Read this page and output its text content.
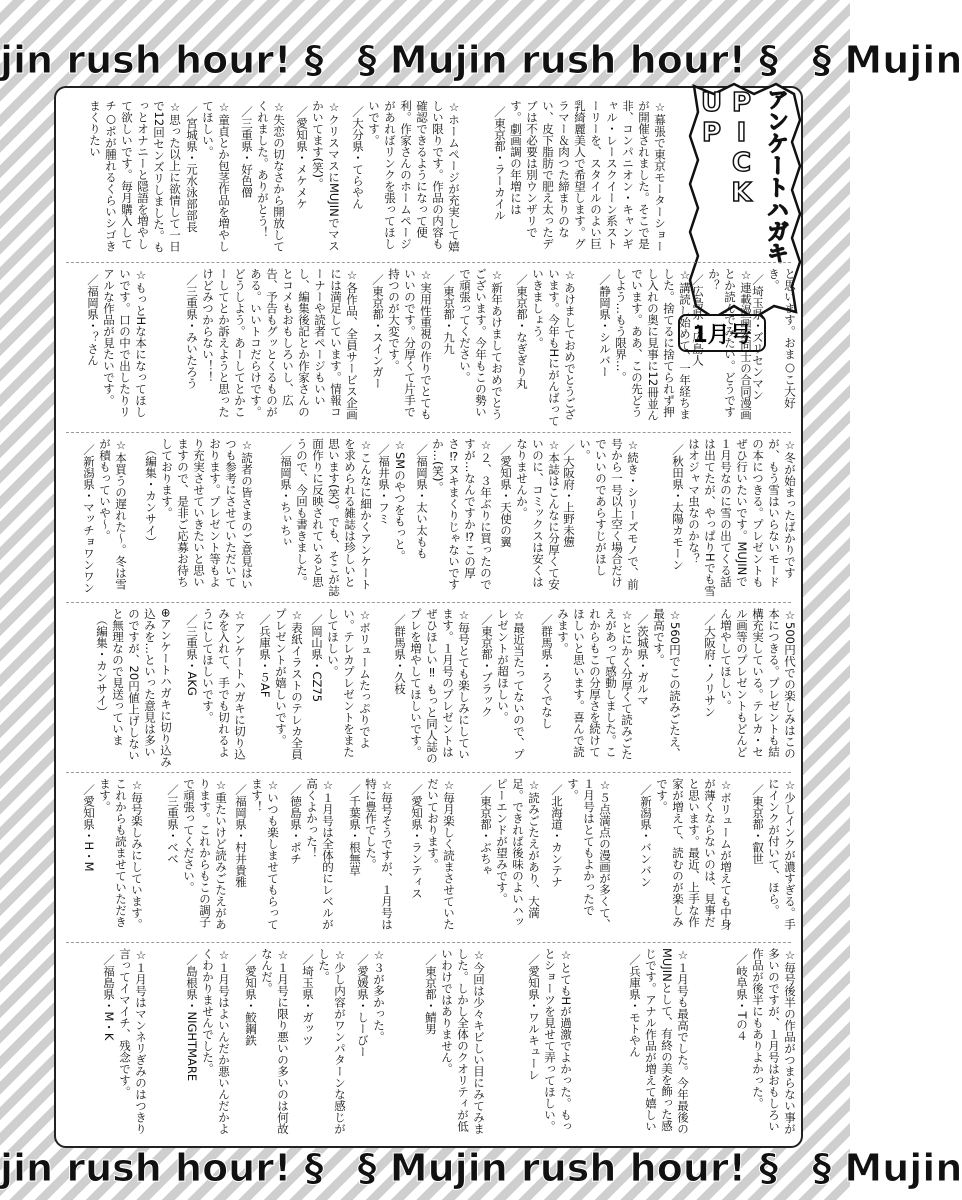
jin rush hour! § § Mujin rush hour! § § Mujin
アンケートハガキ
PICK UP
1月号
☆幕張で東京モーターショーが開催されました。そこで是非、コンパニオン・キャンギャル・レースクイーン系ストーリーを、スタイルのよい巨乳綺麗美人で希望します。グラマー＆肉つた締まりのない、皮下脂肪で肥え太ったデブは不必要は別ウンザリです。劇画調の年増には
／東京都・ラーカイル
☆ホームページが充実して嬉しい限りです。作品の内容も確認できるようになって便利。作家さんのホームページがあればリンクを張ってほしいです。
／大分県・てらやん
☆クリスマスにMUJINでマスかいてます(笑)。
／愛知県・メケメケ
☆失恋の切なさから開放してくれました。ありがとう！
／三重県・好色僧
☆童貞とか包茎作品を増やしてほしい。
／宮城県・元水泳部部長
☆思った以上に欲情して一日で12回センズリしました。もっとオナニーと隠語を増やして欲しいです。毎月購入してチ○ポが腫れるくらいシゴきまくりたい
と思います。おま○こ大好き。
／埼玉県・ズリセンマン
☆連載漫画家同士の合同漫画とか読んでみたい。どうですか？
／広島県・広島人
☆講読し始めて、一年経ちました。捨てるに捨てられず押し入れの奥に見事に12冊並んでいます。ああ、この先どうしよう…もう限界…。
／静岡県・シルバー
☆あけましておめでとうございます。今年もHにがんばっていきましょう。
／東京都・なぎぎり丸
☆新年あけましておめでとうございます。今年もこの勢いで頑張ってください。
／東京都・九九
☆実用性重視の作りでとてもいいのです。分厚くて片手で持つのが大変です。
／東京都・スインガー
☆各作品、全員サービス企画には満足しています。情報コーナーや読者ページもいいし、編集後記とか作家さんのとコメもおもしろいし、広告、予告もグッとくるものがある。いいトコだらけです。どうしよう。あーしてとかこーしてとか訴えようと思ったけどみつからない！！
／三重県・みいたろう
☆もっとHな本になってほしいです。口の中で出したりリアルな作品が見たいです。
／福岡県・？さん
☆冬が始まったばかりですが、もう雪はいらないモードの本につきる。プレゼントもぜひ行いたいです。MUJINで１月号なのに雪の出てくる話は出てたが、やっぱりHでも雪はオジャマ虫なのかな？
／秋田県・太陽カモーン
☆続き・シリーズモノで、前号から一号以上空く場合だけでいいのであらすじがほしい。
／大阪府・上野未憊
☆本誌はこんなに分厚くて安いのに、コミックスは安くはなりませんか。
／愛知県・天使の翼
☆２、３年ぶりに買ったのですが…なんですか⁉この厚さ⁉ヌキまくりじゃないですか…(笑)。
／福岡県・太い太もも
☆SMのやつをもっと。
／福井県・フミ
☆こんなに細かくアンケートを求められる雑誌は珍しいと思います(笑)。でも、そこが誌面作りに反映されていると思うので、今回も書きました。
／福岡県・ちぃちぃ
☆読者の皆さまのご意見はいつも参考にさせていただいております。プレゼント等もより充実させていきたいと思いますので、是非ご応募お待ちしております。
（編集・カンサイ）
☆本買うの遅れた〜。冬は雪が積もっていや〜。
／新潟県・マッチョワンワン
☆500円代での楽しみはこの本につきる。プレゼントも結構充実している。テレカ・セル画等のプレゼントもどんどん増やしてほしい。
／大阪府・ノリサン
☆560円でこの読みごたえ、最高です。
／茨城県・ガルマ
☆とにかく分厚くて読みごたえがあって感動しました。これからもこの分厚さを続けてほしいと思います。喜んで読みます。
／群馬県・ろくでなし
☆最近当たってないので、プレゼントが超ほしい。
／東京都・ブラック
☆毎号とても楽しみにしています。１月号のプレゼントはぜひほしい‼ もっと同人誌のプレを増やしてほしいです。
／群馬県・久枝
☆ボリュームたっぷりでよい。テレカプレゼントをまたしてほしい。
／岡山県・CZ75
☆表紙イラストのテレカ全員プレゼントが嬉しいです。
／兵庫県・５AF
☆アンケートハガキに切り込みを入れて、手でも切れるようにしてほしいです。
／三重県・AKG
⊕アンケートハガキに切り込み込みを…といった意見は多いのですが、20円値上げしないと無理なので見送っていま
（編集・カンサイ）
☆少しインクが濃すぎる。手にインクが付いて、ほら。
／東京都・叡世
☆ボリュームが増えても中身が薄くならないのは、見事だと思います。最近、上手な作家が増えて、読むのが楽しみです。
／新潟県・バンバン
☆５点満点の漫画が多くて、１月号はとてもよかったです。
／北海道・カンテナ
☆読みごたえがあり、大満足。できれば後味のよいハッピーエンドが望みです。
／東京都・ぶちゃ
☆毎月楽しく読まさせていただいております。
／愛知県・ランティス
☆毎号そうですが、１月号は特に豊作でした。
／千葉県・根無草
☆１月号は全体的にレベルが高くよかった！
／徳島県・ポチ
☆いつも楽しませてもらってます！
／福岡県・村井貴雅
☆重たいけど読みごたえがあります。これからもこの調子で頑張ってください。
／三重県・べべ
☆毎号楽しみにしています。これからも読ませていただきます。
／愛知県・H・M
☆毎号後半の作品がつまらない事が多いのですが、１月号はおもしろい作品が後半にもありよかった。
／岐阜県・Tの４
☆１月号も最高でした。今年最後のMUJINとして、有終の美を飾った感じです。アナル作品が増えて嬉しい
／兵庫県・モトやん
☆とてもHが過激でよかった。もっとショーツを見せて弄ってほしい。
／愛知県・ワルキューレ
☆今回は少々キビしい目にみてみました。しかし全体のクオリティが低いわけではありません。
／東京都・鯖男
☆３が多かった。
／愛媛県・しーびー
☆少し内容がワンパターンな感じがした。
／埼玉県・ガッツ
☆１月号に限り悪いの多いのは何故なんだ。
／愛知県・鮫鋼鉄
☆１月号はよいんだか悪いんだかよくわかりませんでした。
／島根県・NIGHTMARE
☆１月号はマンネリぎみのはつきり言ってイマイチ、残念です。
／福島県・M・K
jin rush hour! § § Mujin rush hour! § § Mujin
